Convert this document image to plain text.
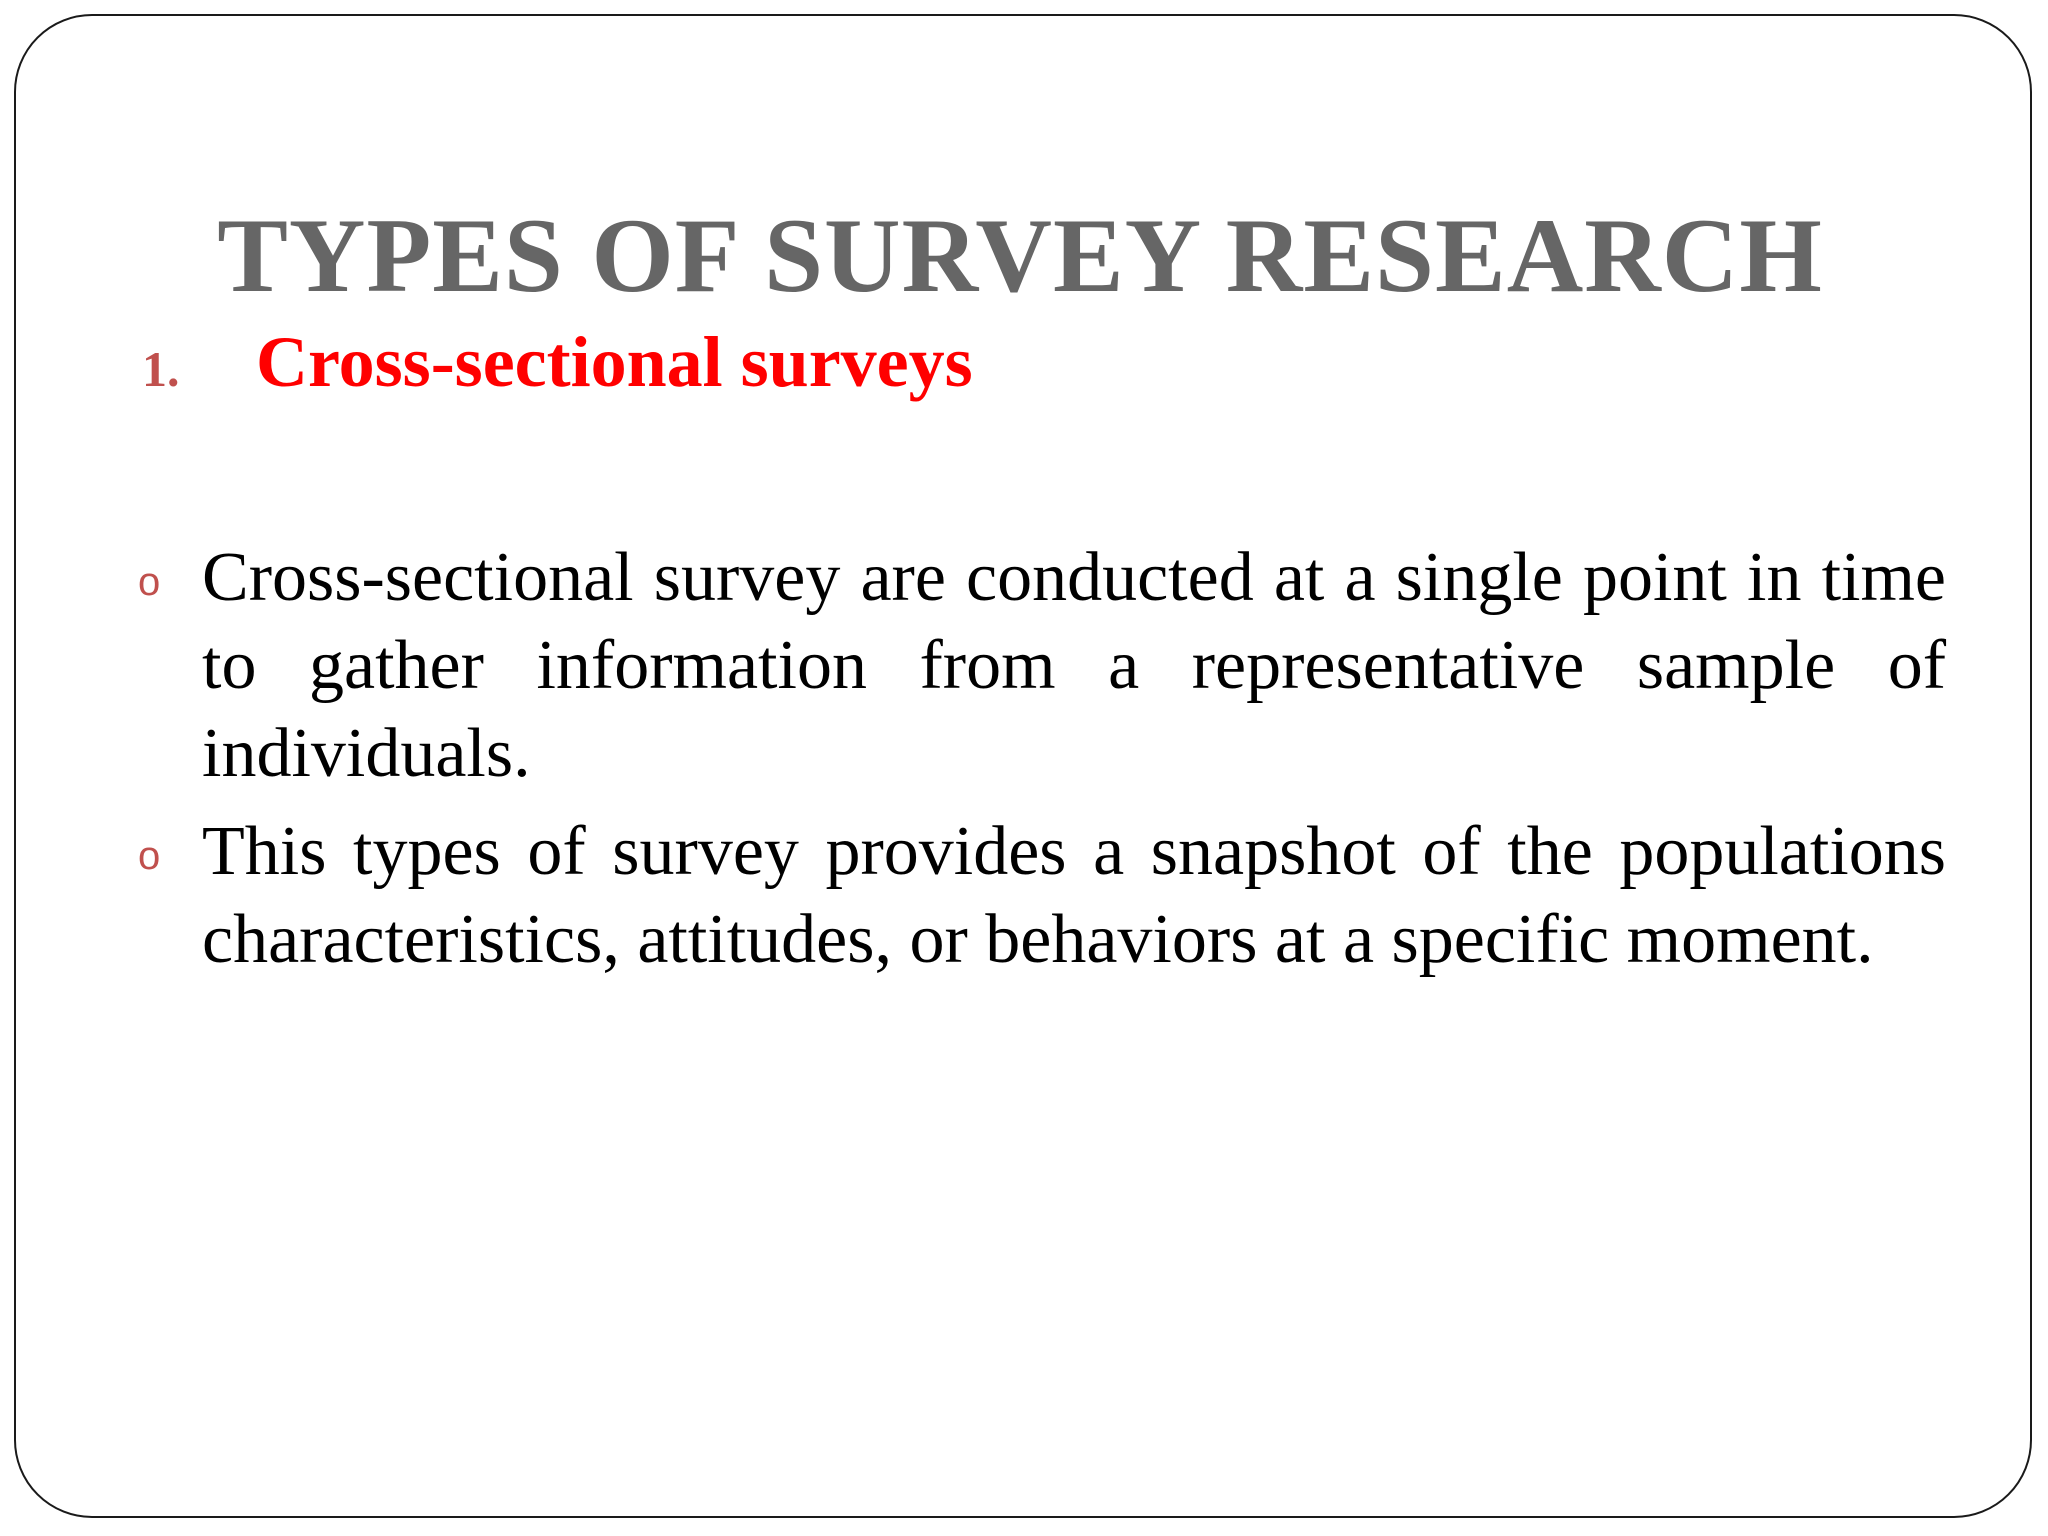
TYPES OF SURVEY RESEARCH
1.	Cross-sectional surveys
o Cross-sectional survey are conducted at a single point in time to gather information from a representative sample of individuals.
o This types of survey provides a snapshot of the populations characteristics, attitudes, or behaviors at a specific moment.
